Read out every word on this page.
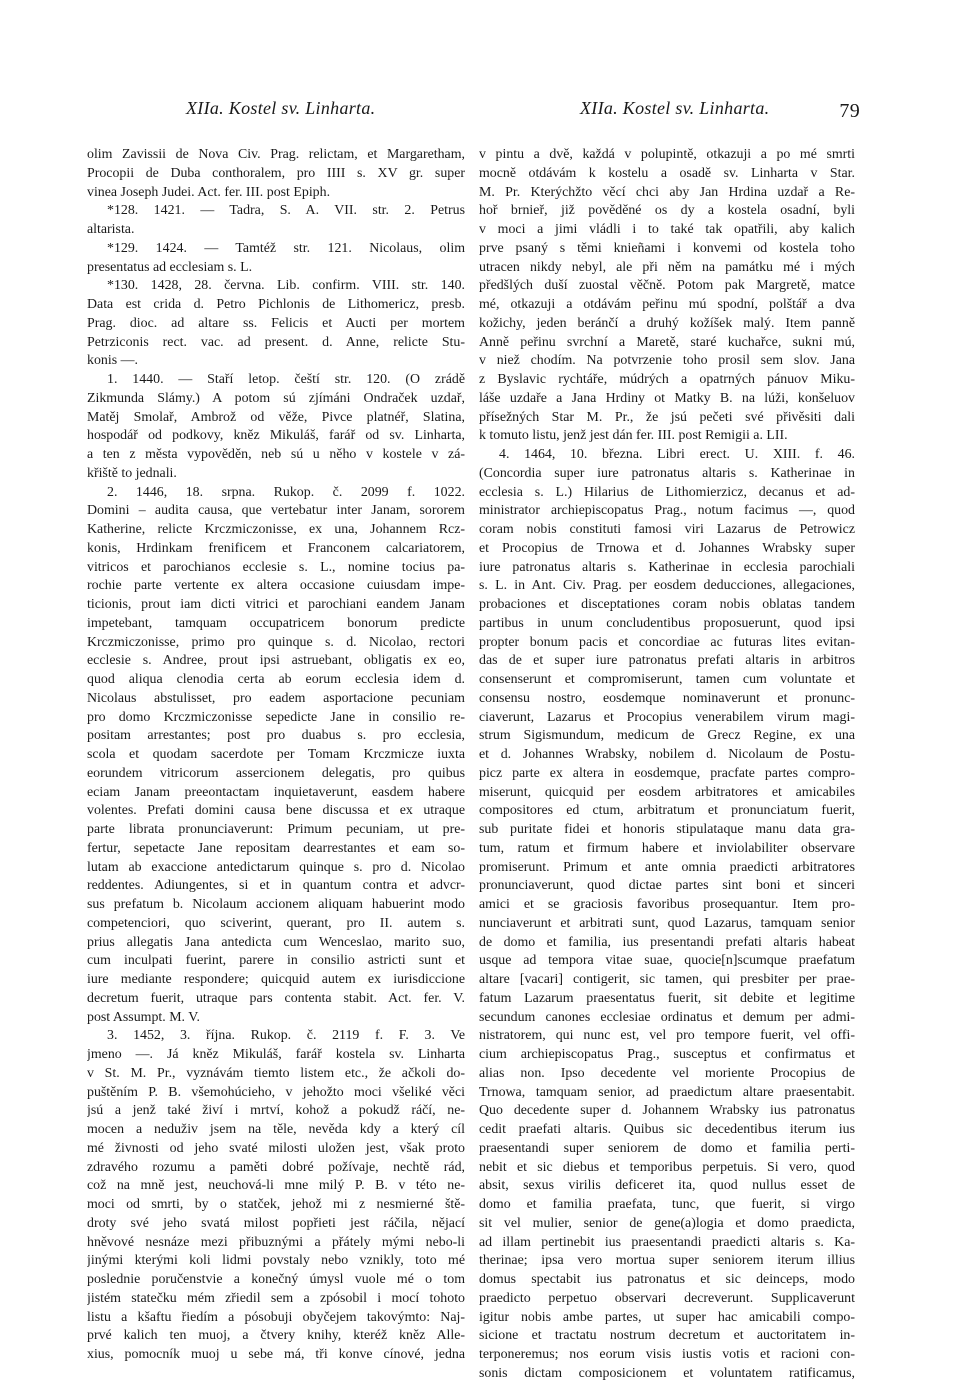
XIIa. Kostel sv. Linharta.	XIIa. Kostel sv. Linharta.	79
olim Zavissii de Nova Civ. Prag. relictam, et Margaretham,
Procopii de Duba conthoralem, pro IIII s. XV gr. super
vinea Joseph Judei. Act. fer. III. post Epiph.
*128. 1421. — Tadra, S. A. VII. str. 2. Petrus
altarista.
*129. 1424. — Tamtéž str. 121. Nicolaus, olim
presentatus ad ecclesiam s. L.
*130. 1428, 28. června. Lib. confirm. VIII. str. 140.
Data est crida d. Petro Pichlonis de Lithomericz, presb.
Prag. dioc. ad altare ss. Felicis et Aucti per mortem
Petrziconis rect. vac. ad present. d. Anne, relicte Stu-
konis —.
1. 1440. — Staří letop. čeští str. 120. (O zrádě
Zikmunda Slámy.) A potom sú zjímáni Ondraček uzdař,
Matěj Smolař, Ambrož od věže, Pivce platnéř, Slatina,
hospodář od podkovy, kněz Mikuláš, farář od sv. Linharta,
a ten z města vypověděn, neb sú u něho v kostele v zá-
křiště to jednali.
2. 1446, 18. srpna. Rukop. č. 2099 f. 1022.
Domini – audita causa, que vertebatur inter Janam, sororem
Katherine, relicte Krczmiczonisse, ex una, Johannem Rcz-
konis, Hrdinkam frenificem et Franconem calcariatorem,
vitricos et parochianos ecclesie s. L., nomine tocius pa-
rochie parte vertente ex altera occasione cuiusdam impe-
ticionis, prout iam dicti vitrici et parochiani eandem Janam
impetebant, tamquam occupatricem bonorum predicte
Krczmiczonisse, primo pro quinque s. d. Nicolao, rectori
ecclesie s. Andree, prout ipsi astruebant, obligatis ex eo,
quod aliqua clenodia certa ab eorum ecclesia idem d.
Nicolaus abstulisset, pro eadem asportacione pecuniam
pro domo Krczmiczonisse sepedicte Jane in consilio re-
positam arrestantes; post pro duabus s. pro ecclesia,
scola et quodam sacerdote per Tomam Krczmicze iuxta
eorundem vitricorum assercionem delegatis, pro quibus
eciam Janam preeontactam inquietaverunt, easdem habere
volentes. Prefati domini causa bene discussa et ex utraque
parte librata pronunciaverunt: Primum pecuniam, ut pre-
fertur, sepetacte Jane repositam dearrestantes et eam so-
lutam ab exaccione antedictarum quinque s. pro d. Nicolao
reddentes. Adiungentes, si et in quantum contra et advcr-
sus prefatum b. Nicolaum accionem aliquam habuerint modo
competenciori, quo sciverint, querant, pro II. autem s.
prius allegatis Jana antedicta cum Wenceslao, marito suo,
cum inculpati fuerint, parere in consilio astricti sunt et
iure mediante respondere; quicquid autem ex iurisdiccione
decretum fuerit, utraque pars contenta stabit. Act. fer. V.
post Assumpt. M. V.
3. 1452, 3. října. Rukop. č. 2119 f. F. 3. Ve
jmeno —. Já kněz Mikuláš, farář kostela sv. Linharta
v St. M. Pr., vyznávám tiemto listem etc., že ačkoli do-
puštěním P. B. všemohúcieho, v jehožto moci všeliké věci
jsú a jenž také živí i mrtví, kohož a pokudž ráčí, ne-
mocen a neduživ jsem na těle, nevěda kdy a který cíl
mé živnosti od jeho svaté milosti uložen jest, však proto
zdravého rozumu a paměti dobré požívaje, nechtě rád,
což na mně jest, neuchová-li mne milý P. B. v této ne-
moci od smrti, by o statček, jehož mi z nesmierné ště-
droty své jeho svatá milost popřieti jest ráčila, nějací
hněvové nesnáze mezi přibuznými a přátely mými nebo-li
jinými kterými koli lidmi povstaly nebo vznikly, toto mé
poslednie poručenstvie a konečný úmysl vuole mé o tom
jistém statečku mém zřiedil sem a zpósobil i mocí tohoto
listu a kšaftu řiedím a pósobuji obyčejem takovýmto: Naj-
prvé kalich ten muoj, a čtvery knihy, kteréž kněz Alle-
xius, pomocník muoj u sebe má, tři konve cínové, jedna
v pintu a dvě, každá v polupintě, otkazuji a po mé smrti
mocně otdávám k kostelu a osadě sv. Linharta v Star.
M. Pr. Kterýchžto věcí chci aby Jan Hrdina uzdař a Re-
hoř brnieř, již pověděné os dy a kostela osadní, byli
v moci a jimi vládli i to také tak opatřili, aby kalich
prve psaný s těmi knieñami i konvemi od kostela toho
utracen nikdy nebyl, ale při něm na památku mé i mých
předšlých duší zuostal věčně. Potom pak Margretě, matce
mé, otkazuji a otdávám peřinu mú spodní, polštář a dva
kožichy, jeden beránčí a druhý kožíšek malý. Item panně
Anně peřinu svrchní a Maretě, staré kuchařce, sukni mú,
v niež chodím. Na potvrzenie toho prosil sem slov. Jana
z Byslavic rychtáře, múdrých a opatrných pánuov Miku-
láše uzdaře a Jana Hrdiny ot Matky B. na lúži, konšeluov
přísežných Star M. Pr., že jsú pečeti své přivěsiti dali
k tomuto listu, jenž jest dán fer. III. post Remigii a. LII.
4. 1464, 10. března. Libri erect. U. XIII. f. 46.
(Concordia super iure patronatus altaris s. Katherinae in
ecclesia s. L.) Hilarius de Lithomierzicz, decanus et ad-
ministrator archiepiscopatus Prag., notum facimus —, quod
coram nobis constituti famosi viri Lazarus de Petrowicz
et Procopius de Trnowa et d. Johannes Wrabsky super
iure patronatus altaris s. Katherinae in ecclesia parochiali
s. L. in Ant. Civ. Prag. per eosdem deducciones, allegaciones,
probaciones et disceptationes coram nobis oblatas tandem
partibus in unum concludentibus proposuerunt, quod ipsi
propter bonum pacis et concordiae ac futuras lites evitan-
das de et super iure patronatus prefati altaris in arbitros
consenserunt et compromiserunt, tamen cum voluntate et
consensu nostro, eosdemque nominaverunt et pronunc-
ciaverunt, Lazarus et Procopius venerabilem virum magi-
strum Sigismundum, medicum de Grecz Regine, ex una
et d. Johannes Wrabsky, nobilem d. Nicolaum de Postu-
picz parte ex altera in eosdemque, pracfate partes compro-
miserunt, quicquid per eosdem arbitratores et amicabiles
compositores ed ctum, arbitratum et pronunciatum fuerit,
sub puritate fidei et honoris stipulataque manu data gra-
tum, ratum et firmum habere et inviolabiliter observare
promiserunt. Primum et ante omnia praedicti arbitratores
pronunciaverunt, quod dictae partes sint boni et sinceri
amici et se graciosis favoribus prosequantur. Item pro-
nunciaverunt et arbitrati sunt, quod Lazarus, tamquam senior
de domo et familia, ius presentandi prefati altaris habeat
usque ad tempora vitae suae, quocie[n]scumque praefatum
altare [vacari] contigerit, sic tamen, qui presbiter per prae-
fatum Lazarum praesentatus fuerit, sit debite et legitime
secundum canones ecclesiae ordinatus et demum per admi-
nistratorem, qui nunc est, vel pro tempore fuerit, vel offi-
cium archiepiscopatus Prag., susceptus et confirmatus et
alias non. Ipso decedente vel moriente Procopius de
Trnowa, tamquam senior, ad praedictum altare praesentabit.
Quo decedente super d. Johannem Wrabsky ius patronatus
cedit praefati altaris. Quibus sic decedentibus iterum ius
praesentandi super seniorem de domo et familia perti-
nebit et sic diebus et temporibus perpetuis. Si vero, quod
absit, sexus virilis deficeret ita, quod nullus esset de
domo et familia praefata, tunc, que fuerit, si virgo
sit vel mulier, senior de gene(a)logia et domo praedicta,
ad illam pertinebit ius praesentandi praedicti altaris s. Ka-
therinae; ipsa vero mortua super seniorem iterum illius
domus spectabit ius patronatus et sic deinceps, modo
praedicto perpetuo observari decreverunt. Supplicaverunt
igitur nobis ambe partes, ut super hac amicabili compo-
sicione et tractatu nostrum decretum et auctoritatem in-
terponeremus; nos eorum visis iustis votis et racioni con-
sonis dictam composicionem et voluntatem ratificamus,
